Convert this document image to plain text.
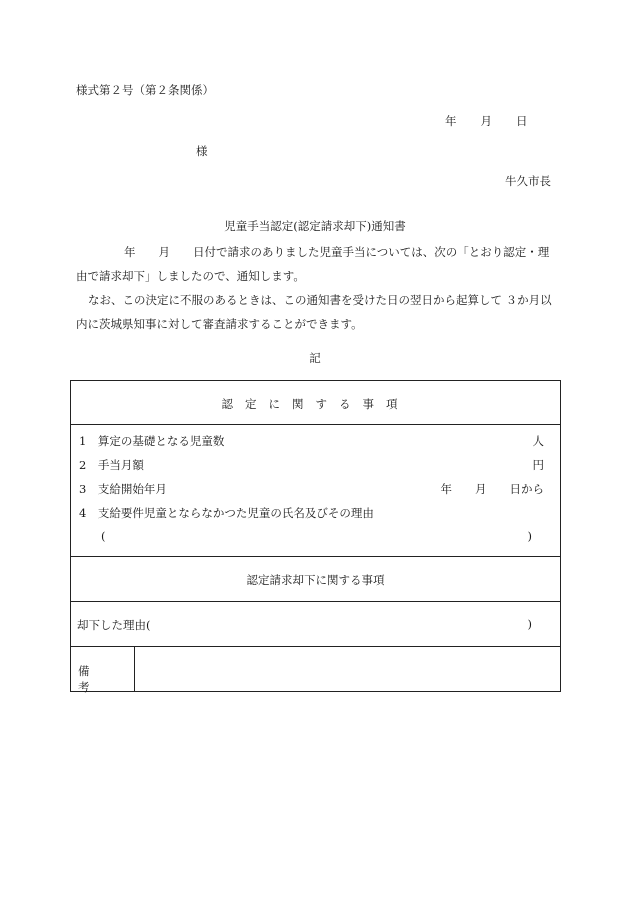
様式第２号（第２条関係）
年 月 日
様
牛久市長
児童手当認定(認定請求却下)通知書
年　　月　　日付で請求のありました児童手当については、次の「とおり認定・理由で請求却下」しましたので、通知します。
なお、この決定に不服のあるときは、この通知書を受けた日の翌日から起算して ３か月以内に茨城県知事に対して審査請求することができます。
記
認定に関する事項
1　 算定の基礎となる児童数	人
2　 手当月額	円
3　 支給開始年月	年　　月　　日から
4　 支給要件児童とならなかつた児童の氏名及びその理由
(	)
認定請求却下に関する事項
却下した理由(	)
備考
